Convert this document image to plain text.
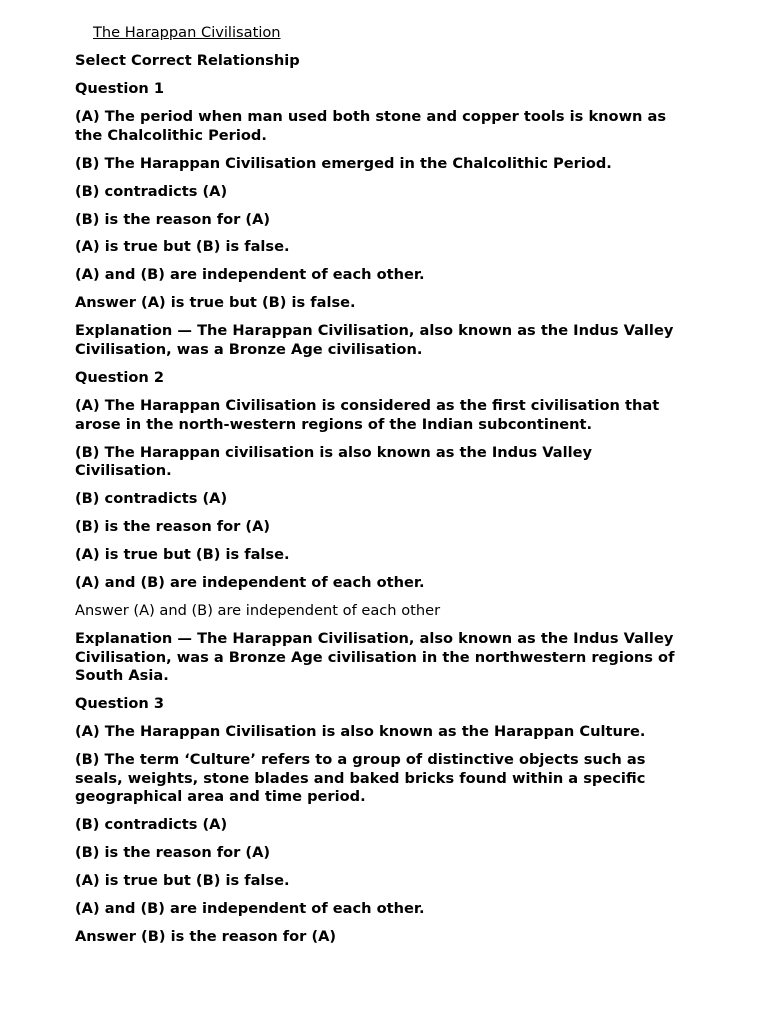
The Harappan Civilisation
Select Correct Relationship
Question 1
(A) The period when man used both stone and copper tools is known as the Chalcolithic Period.
(B) The Harappan Civilisation emerged in the Chalcolithic Period.
(B) contradicts (A)
(B) is the reason for (A)
(A) is true but (B) is false.
(A) and (B) are independent of each other.
Answer (A) is true but (B) is false.
Explanation — The Harappan Civilisation, also known as the Indus Valley Civilisation, was a Bronze Age civilisation.
Question 2
(A) The Harappan Civilisation is considered as the first civilisation that arose in the north-western regions of the Indian subcontinent.
(B) The Harappan civilisation is also known as the Indus Valley Civilisation.
(B) contradicts (A)
(B) is the reason for (A)
(A) is true but (B) is false.
(A) and (B) are independent of each other.
Answer (A) and (B) are independent of each other
Explanation — The Harappan Civilisation, also known as the Indus Valley Civilisation, was a Bronze Age civilisation in the northwestern regions of South Asia.
Question 3
(A) The Harappan Civilisation is also known as the Harappan Culture.
(B) The term ‘Culture’ refers to a group of distinctive objects such as seals, weights, stone blades and baked bricks found within a specific geographical area and time period.
(B) contradicts (A)
(B) is the reason for (A)
(A) is true but (B) is false.
(A) and (B) are independent of each other.
Answer (B) is the reason for (A)
